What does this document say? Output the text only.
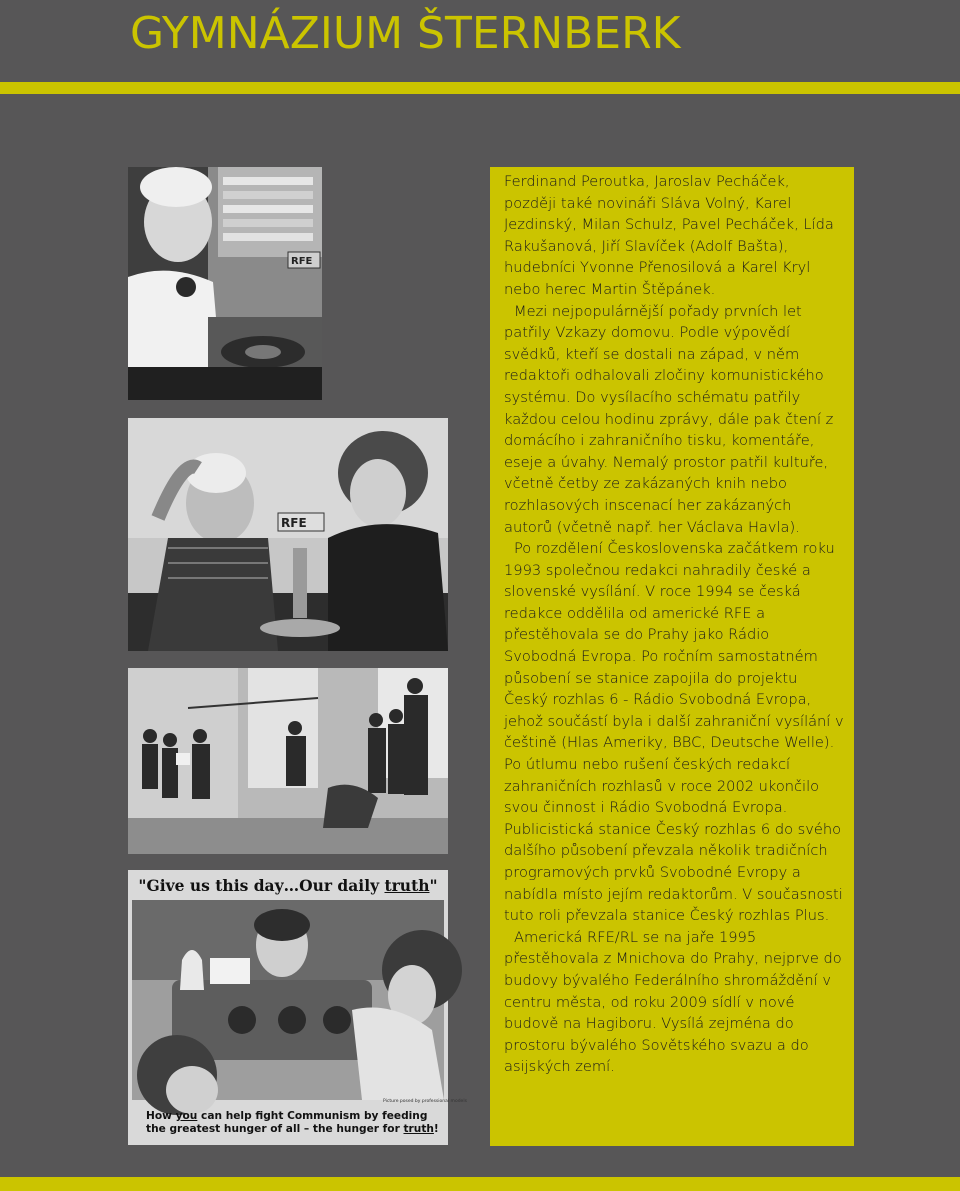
GYMNÁZIUM ŠTERNBERK
RFE
RFE
"Give us this day…Our daily truth"
Picture posed by professional models
How you can help fight Communism by feeding the greatest hunger of all – the hunger for truth!

Ferdinand Peroutka, Jaroslav Pecháček, později také novináři Sláva Volný, Karel Jezdinský, Milan Schulz, Pavel Pecháček, Lída Rakušanová, Jiří Slavíček (Adolf Bašta), hudebníci Yvonne Přenosilová a Karel Kryl nebo herec Martin Štěpánek.

Mezi nejpopulárnější pořady prvních let patřily Vzkazy domovu. Podle výpovědí svědků, kteří se dostali na západ, v něm redaktoři odhalovali zločiny komunistického systému. Do vysílacího schématu patřily každou celou hodinu zprávy, dále pak čtení z domácího i zahraničního tisku, komentáře, eseje a úvahy. Nemalý prostor patřil kultuře, včetně četby ze zakázaných knih nebo rozhlasových inscenací her zakázaných autorů (včetně např. her Václava Havla).

Po rozdělení Československa začátkem roku 1993 společnou redakci nahradily české a slovenské vysílání. V roce 1994 se česká redakce oddělila od americké RFE a přestěhovala se do Prahy jako Rádio Svobodná Evropa. Po ročním samostatném působení se stanice zapojila do projektu Český rozhlas 6 - Rádio Svobodná Evropa, jehož součástí byla i další zahraniční vysílání v češtině (Hlas Ameriky, BBC, Deutsche Welle). Po útlumu nebo rušení českých redakcí zahraničních rozhlasů v roce 2002 ukončilo svou činnost i Rádio Svobodná Evropa. Publicistická stanice Český rozhlas 6 do svého dalšího působení převzala několik tradičních programových prvků Svobodné Evropy a nabídla místo jejím redaktorům. V současnosti tuto roli převzala stanice Český rozhlas Plus.

Americká RFE/RL se na jaře 1995 přestěhovala z Mnichova do Prahy, nejprve do budovy bývalého Federálního shromáždění v centru města, od roku 2009 sídlí v nové budově na Hagiboru. Vysílá zejména do prostoru bývalého Sovětského svazu a do asijských zemí.
